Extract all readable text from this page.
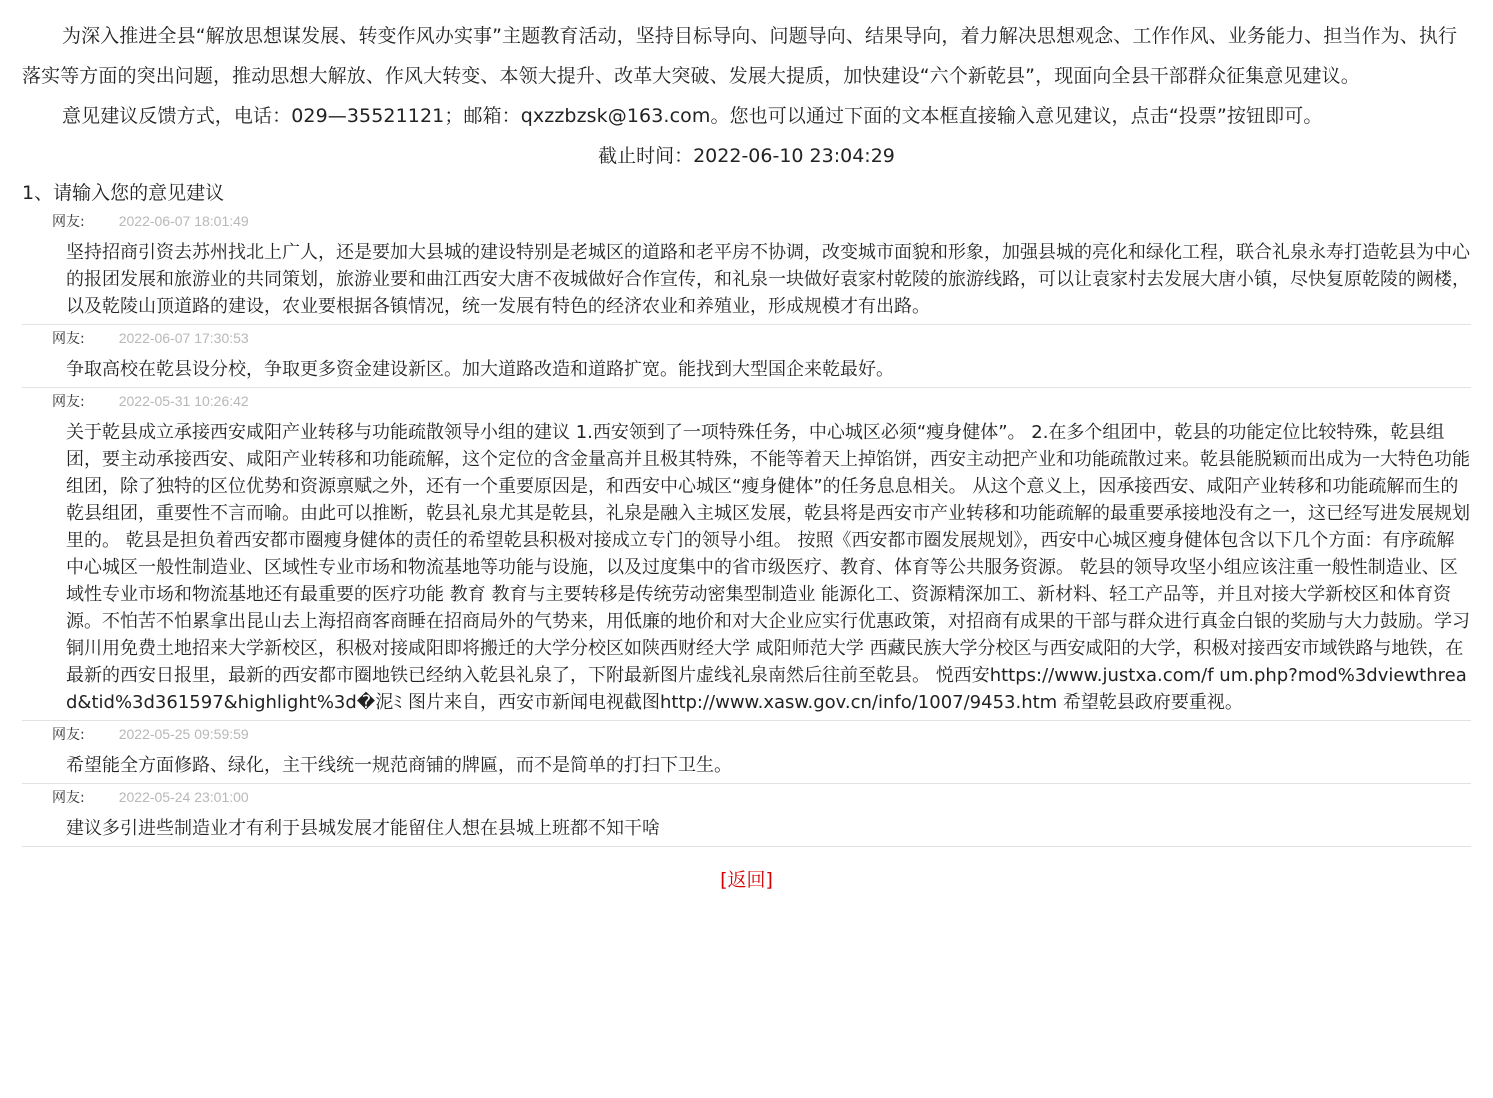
为深入推进全县“解放思想谋发展、转变作风办实事”主题教育活动，坚持目标导向、问题导向、结果导向，着力解决思想观念、工作作风、业务能力、担当作为、执行落实等方面的突出问题，推动思想大解放、作风大转变、本领大提升、改革大突破、发展大提质，加快建设“六个新乾县”，现面向全县干部群众征集意见建议。

意见建议反馈方式，电话：029—35521121；邮箱：qxzzbzsk@163.com。您也可以通过下面的文本框直接输入意见建议，点击“投票”按钮即可。

截止时间：2022-06-10 23:04:29

1、请输入您的意见建议
网友: 2022-06-07 18:01:49
坚持招商引资去苏州找北上广人，还是要加大县城的建设特别是老城区的道路和老平房不协调，改变城市面貌和形象，加强县城的亮化和绿化工程，联合礼泉永寿打造乾县为中心的报团发展和旅游业的共同策划，旅游业要和曲江西安大唐不夜城做好合作宣传，和礼泉一块做好袁家村乾陵的旅游线路，可以让袁家村去发展大唐小镇，尽快复原乾陵的阙楼，以及乾陵山顶道路的建设，农业要根据各镇情况，统一发展有特色的经济农业和养殖业，形成规模才有出路。
网友: 2022-06-07 17:30:53
争取高校在乾县设分校，争取更多资金建设新区。加大道路改造和道路扩宽。能找到大型国企来乾最好。
网友: 2022-05-31 10:26:42
关于乾县成立承接西安咸阳产业转移与功能疏散领导小组的建议 1.西安领到了一项特殊任务，中心城区必须“瘦身健体”。 2.在多个组团中，乾县的功能定位比较特殊，乾县组团，要主动承接西安、咸阳产业转移和功能疏解，这个定位的含金量高并且极其特殊，不能等着天上掉馅饼，西安主动把产业和功能疏散过来。乾县能脱颖而出成为一大特色功能组团，除了独特的区位优势和资源禀赋之外，还有一个重要原因是，和西安中心城区“瘦身健体”的任务息息相关。 从这个意义上，因承接西安、咸阳产业转移和功能疏解而生的乾县组团，重要性不言而喻。由此可以推断，乾县礼泉尤其是乾县，礼泉是融入主城区发展，乾县将是西安市产业转移和功能疏解的最重要承接地没有之一，这已经写进发展规划里的。 乾县是担负着西安都市圈瘦身健体的责任的希望乾县积极对接成立专门的领导小组。 按照《西安都市圈发展规划》，西安中心城区瘦身健体包含以下几个方面：有序疏解中心城区一般性制造业、区域性专业市场和物流基地等功能与设施，以及过度集中的省市级医疗、教育、体育等公共服务资源。 乾县的领导攻坚小组应该注重一般性制造业、区域性专业市场和物流基地还有最重要的医疗功能 教育 教育与主要转移是传统劳动密集型制造业 能源化工、资源精深加工、新材料、轻工产品等，并且对接大学新校区和体育资源。不怕苦不怕累拿出昆山去上海招商客商睡在招商局外的气势来，用低廉的地价和对大企业应实行优惠政策，对招商有成果的干部与群众进行真金白银的奖励与大力鼓励。学习铜川用免费土地招来大学新校区，积极对接咸阳即将搬迁的大学分校区如陕西财经大学 咸阳师范大学 西藏民族大学分校区与西安咸阳的大学，积极对接西安市域铁路与地铁，在最新的西安日报里，最新的西安都市圈地铁已经纳入乾县礼泉了，下附最新图片虚线礼泉南然后往前至乾县。 悦西安https://www.justxa.com/f um.php?mod%3dviewthread&tid%3d361597&highlight%3d�泥ﾐ 图片来自，西安市新闻电视截图http://www.xasw.gov.cn/info/1007/9453.htm 希望乾县政府要重视。
网友: 2022-05-25 09:59:59
希望能全方面修路、绿化，主干线统一规范商铺的牌匾，而不是简单的打扫下卫生。
网友: 2022-05-24 23:01:00
建议多引进些制造业才有利于县城发展才能留住人想在县城上班都不知干啥
[返回]
